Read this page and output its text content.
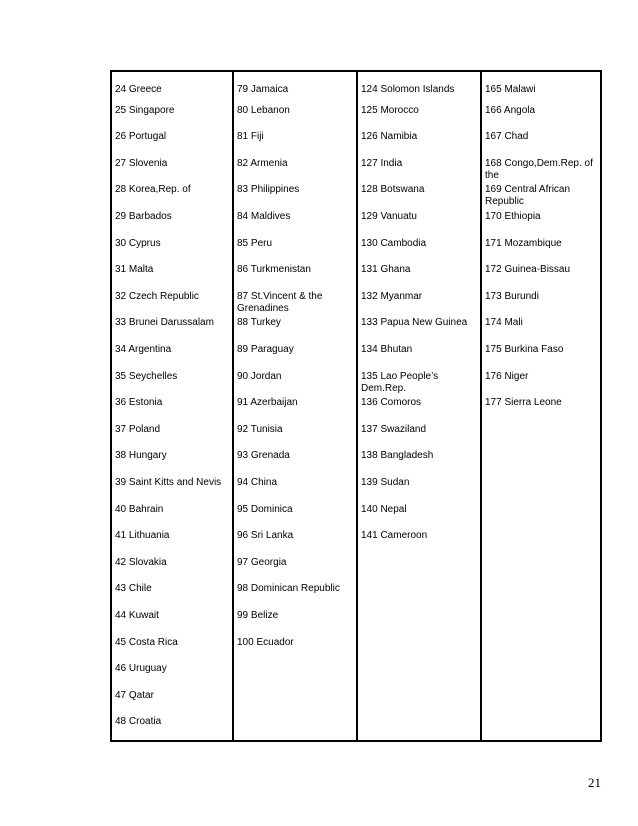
24 Greece
25 Singapore
26 Portugal
27 Slovenia
28 Korea,Rep. of
29 Barbados
30 Cyprus
31 Malta
32 Czech Republic
33 Brunei Darussalam
34 Argentina
35 Seychelles
36 Estonia
37 Poland
38 Hungary
39 Saint Kitts and Nevis
40 Bahrain
41 Lithuania
42 Slovakia
43 Chile
44 Kuwait
45 Costa Rica
46 Uruguay
47 Qatar
48 Croatia
79 Jamaica
80 Lebanon
81 Fiji
82 Armenia
83 Philippines
84 Maldives
85 Peru
86 Turkmenistan
87 St.Vincent & the Grenadines
88 Turkey
89 Paraguay
90 Jordan
91 Azerbaijan
92 Tunisia
93 Grenada
94 China
95 Dominica
96 Sri Lanka
97 Georgia
98 Dominican Republic
99 Belize
100 Ecuador
124 Solomon Islands
125 Morocco
126 Namibia
127 India
128 Botswana
129 Vanuatu
130 Cambodia
131 Ghana
132 Myanmar
133 Papua New Guinea
134 Bhutan
135 Lao People’s Dem.Rep.
136 Comoros
137 Swaziland
138 Bangladesh
139 Sudan
140 Nepal
141 Cameroon
165 Malawi
166 Angola
167 Chad
168 Congo,Dem.Rep. of the
169 Central African Republic
170 Ethiopia
171 Mozambique
172 Guinea-Bissau
173 Burundi
174 Mali
175 Burkina Faso
176 Niger
177 Sierra Leone
21
